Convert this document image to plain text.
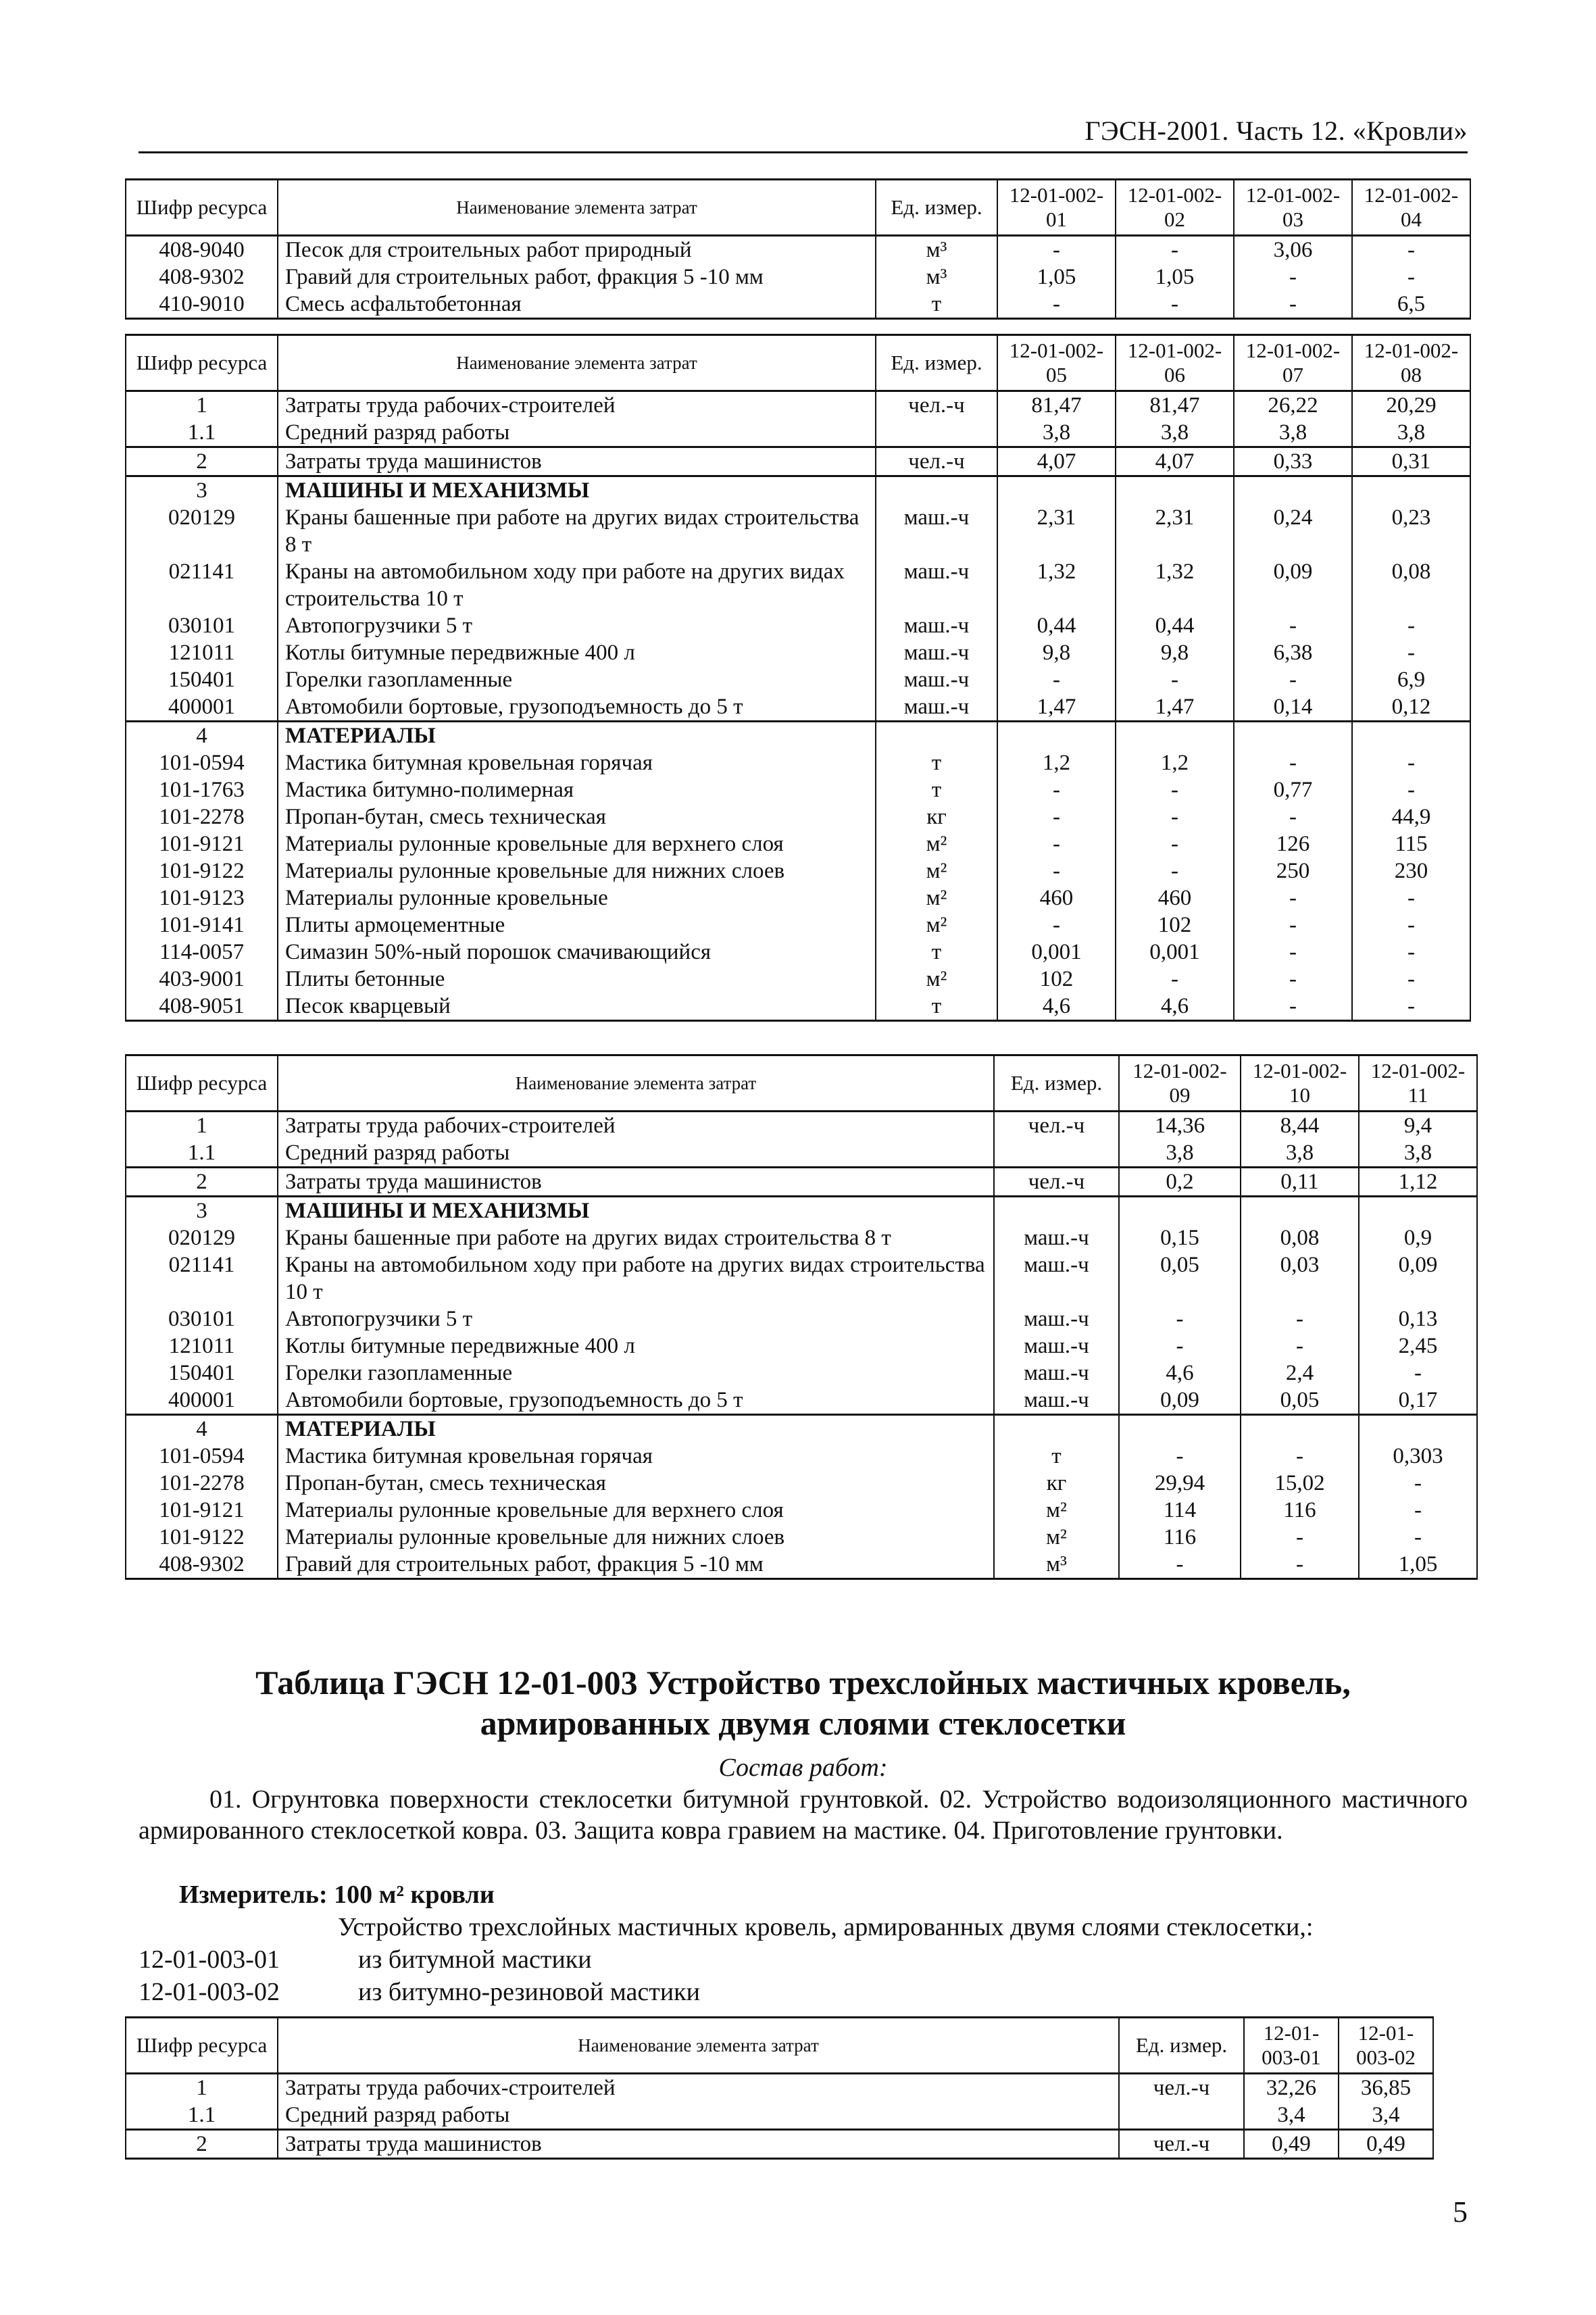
ГЭСН-2001. Часть 12. «Кровли»
Шифр ресурса	Наименование элемента затрат	Ед. измер.	12-01-002-01	12-01-002-02	12-01-002-03	12-01-002-04
408-9040	Песок для строительных работ природный	м³	-	-	3,06	-
408-9302	Гравий для строительных работ, фракция 5 -10 мм	м³	1,05	1,05	-	-
410-9010	Смесь асфальтобетонная	т	-	-	-	6,5
Шифр ресурса	Наименование элемента затрат	Ед. измер.	12-01-002-05	12-01-002-06	12-01-002-07	12-01-002-08
1	Затраты труда рабочих-строителей	чел.-ч	81,47	81,47	26,22	20,29
1.1	Средний разряд работы		3,8	3,8	3,8	3,8
2	Затраты труда машинистов	чел.-ч	4,07	4,07	0,33	0,31
3	МАШИНЫ И МЕХАНИЗМЫ					
020129	Краны башенные при работе на других видах строительства 8 т	маш.-ч	2,31	2,31	0,24	0,23
021141	Краны на автомобильном ходу при работе на других видах строительства 10 т	маш.-ч	1,32	1,32	0,09	0,08
030101	Автопогрузчики 5 т	маш.-ч	0,44	0,44	-	-
121011	Котлы битумные передвижные 400 л	маш.-ч	9,8	9,8	6,38	-
150401	Горелки газопламенные	маш.-ч	-	-	-	6,9
400001	Автомобили бортовые, грузоподъемность до 5 т	маш.-ч	1,47	1,47	0,14	0,12
4	МАТЕРИАЛЫ					
101-0594	Мастика битумная кровельная горячая	т	1,2	1,2	-	-
101-1763	Мастика битумно-полимерная	т	-	-	0,77	-
101-2278	Пропан-бутан, смесь техническая	кг	-	-	-	44,9
101-9121	Материалы рулонные кровельные для верхнего слоя	м²	-	-	126	115
101-9122	Материалы рулонные кровельные для нижних слоев	м²	-	-	250	230
101-9123	Материалы рулонные кровельные	м²	460	460	-	-
101-9141	Плиты армоцементные	м²	-	102	-	-
114-0057	Симазин 50%-ный порошок смачивающийся	т	0,001	0,001	-	-
403-9001	Плиты бетонные	м²	102	-	-	-
408-9051	Песок кварцевый	т	4,6	4,6	-	-
Шифр ресурса	Наименование элемента затрат	Ед. измер.	12-01-002-09	12-01-002-10	12-01-002-11
1	Затраты труда рабочих-строителей	чел.-ч	14,36	8,44	9,4
1.1	Средний разряд работы		3,8	3,8	3,8
2	Затраты труда машинистов	чел.-ч	0,2	0,11	1,12
3	МАШИНЫ И МЕХАНИЗМЫ				
020129	Краны башенные при работе на других видах строительства 8 т	маш.-ч	0,15	0,08	0,9
021141	Краны на автомобильном ходу при работе на других видах строительства 10 т	маш.-ч	0,05	0,03	0,09
030101	Автопогрузчики 5 т	маш.-ч	-	-	0,13
121011	Котлы битумные передвижные 400 л	маш.-ч	-	-	2,45
150401	Горелки газопламенные	маш.-ч	4,6	2,4	-
400001	Автомобили бортовые, грузоподъемность до 5 т	маш.-ч	0,09	0,05	0,17
4	МАТЕРИАЛЫ				
101-0594	Мастика битумная кровельная горячая	т	-	-	0,303
101-2278	Пропан-бутан, смесь техническая	кг	29,94	15,02	-
101-9121	Материалы рулонные кровельные для верхнего слоя	м²	114	116	-
101-9122	Материалы рулонные кровельные для нижних слоев	м²	116	-	-
408-9302	Гравий для строительных работ, фракция 5 -10 мм	м³	-	-	1,05
Таблица ГЭСН 12-01-003 Устройство трехслойных мастичных кровель, армированных двумя слоями стеклосетки
Состав работ:
01. Огрунтовка поверхности стеклосетки битумной грунтовкой. 02. Устройство водоизоляционного мастичного армированного стеклосеткой ковра. 03. Защита ковра гравием на мастике. 04. Приготовление грунтовки.
Измеритель: 100 м² кровли
Устройство трехслойных мастичных кровель, армированных двумя слоями стеклосетки,:
12-01-003-01	из битумной мастики
12-01-003-02	из битумно-резиновой мастики
Шифр ресурса	Наименование элемента затрат	Ед. измер.	12-01-003-01	12-01-003-02
1	Затраты труда рабочих-строителей	чел.-ч	32,26	36,85
1.1	Средний разряд работы		3,4	3,4
2	Затраты труда машинистов	чел.-ч	0,49	0,49
5
